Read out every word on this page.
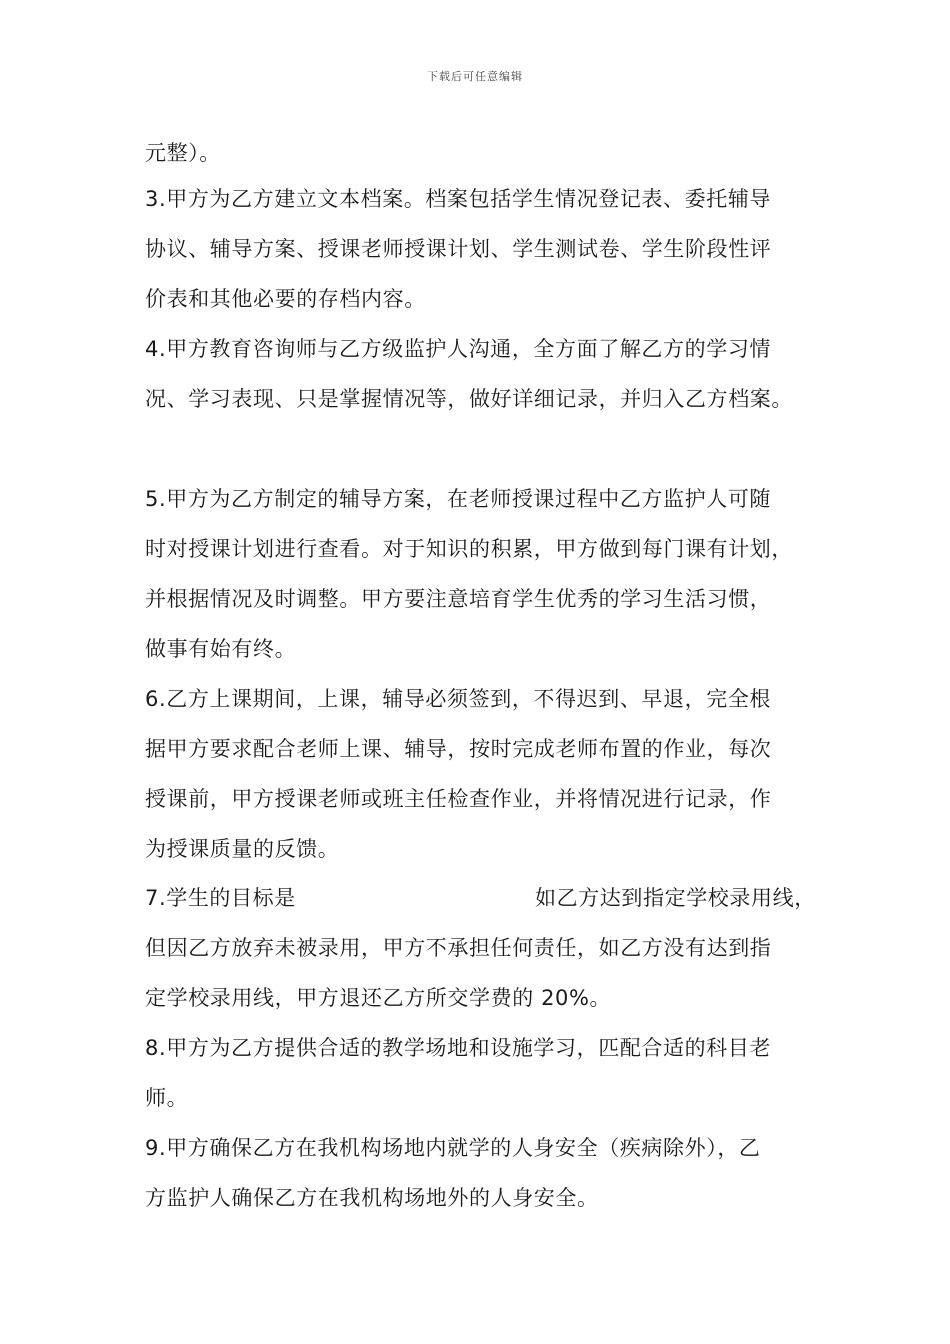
下载后可任意编辑
元整）。
3.甲方为乙方建立文本档案。档案包括学生情况登记表、委托辅导
协议、辅导方案、授课老师授课计划、学生测试卷、学生阶段性评
价表和其他必要的存档内容。
4.甲方教育咨询师与乙方级监护人沟通，全方面了解乙方的学习情
况、学习表现、只是掌握情况等，做好详细记录，并归入乙方档案。
5.甲方为乙方制定的辅导方案，在老师授课过程中乙方监护人可随
时对授课计划进行查看。对于知识的积累，甲方做到每门课有计划，
并根据情况及时调整。甲方要注意培育学生优秀的学习生活习惯，
做事有始有终。
6.乙方上课期间，上课，辅导必须签到，不得迟到、早退，完全根
据甲方要求配合老师上课、辅导，按时完成老师布置的作业，每次
授课前，甲方授课老师或班主任检查作业，并将情况进行记录，作
为授课质量的反馈。
7.学生的目标是	如乙方达到指定学校录用线，
但因乙方放弃未被录用，甲方不承担任何责任，如乙方没有达到指
定学校录用线，甲方退还乙方所交学费的 20%。
8.甲方为乙方提供合适的教学场地和设施学习，匹配合适的科目老
师。
9.甲方确保乙方在我机构场地内就学的人身安全（疾病除外），乙
方监护人确保乙方在我机构场地外的人身安全。
